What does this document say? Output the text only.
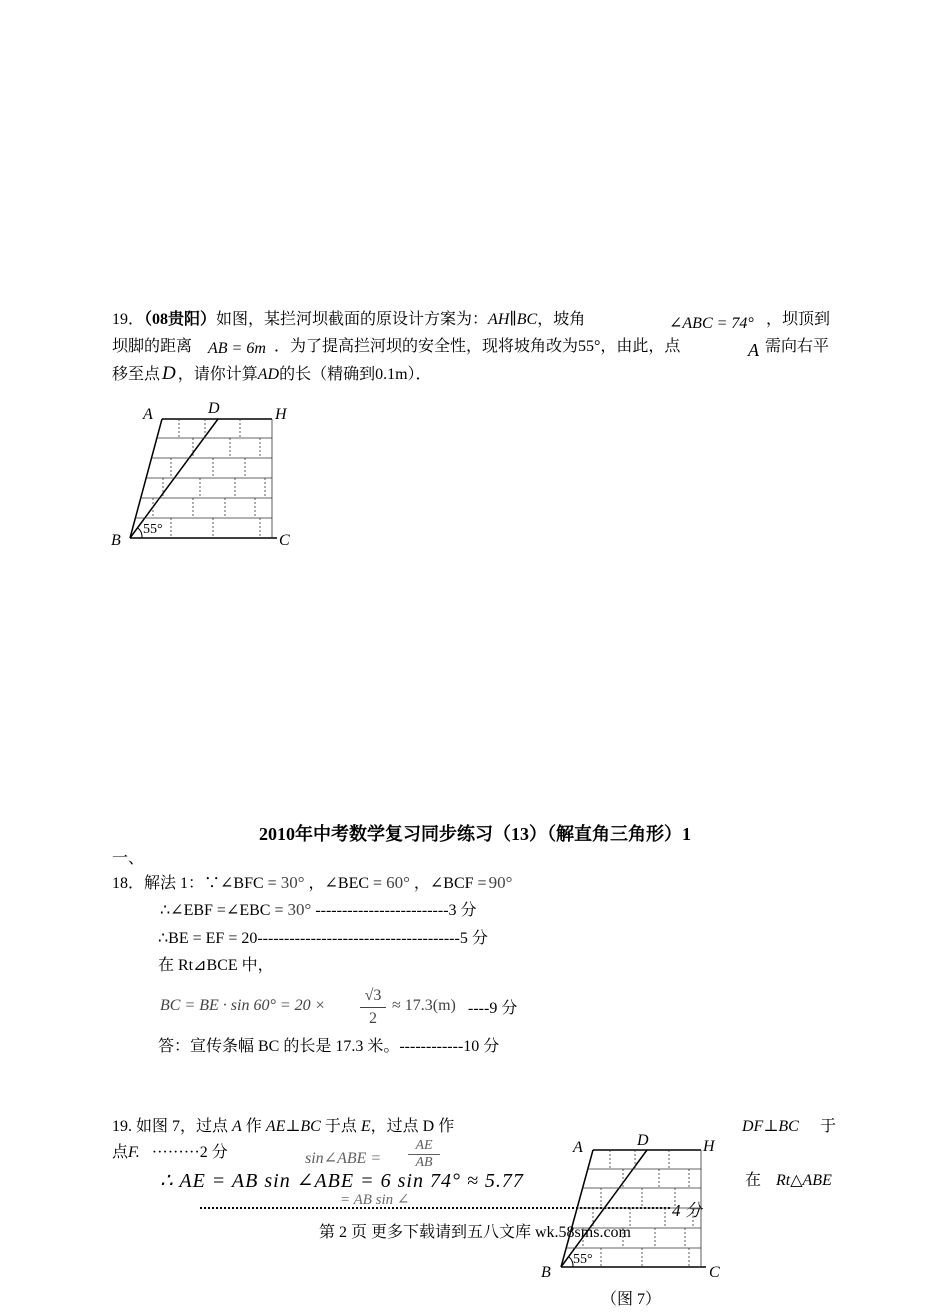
19．（08贵阳）如图，某拦河坝截面的原设计方案为：AH∥BC，坡角	∠ABC = 74° ，坝顶到
坝脚的距离 AB = 6m ．为了提高拦河坝的安全性，现将坡角改为55°，由此，点	A 需向右平
移至点 D ，请你计算AD的长（精确到0.1m）．
A	D	H
B	C
55°
2010年中考数学复习同步练习（13）（解直角三角形）1
一、
18．解法 1：∵∠BFC = 30° ，∠BEC = 60° ，∠BCF = 90°
∴∠EBF =∠EBC = 30° -------------------------3 分
∴BE = EF = 20--------------------------------------5 分
在 Rt⊿BCE 中，
BC = BE · $\sin 60^\circ = 20 \times \frac{√3}{2} \approx 17.3(m)$ ----9 分
答：宣传条幅 BC 的长是 17.3 米。------------10 分
19. 如图 7，过点 A 作 AE⊥BC 于点 E，过点 D 作	DF⊥BC 于
点F. ·········2 分	sin∠ABE = $\frac{AE}{AB}$
∴ AE = AB sin ∠ABE = 6 sin 74° ≈ 5.77	在 Rt△ABE
= AB sin ∠
4 分
A	D	H
B	C
55°
（图 7）
第 2 页 更多下载请到五八文库 wk.58sms.com
